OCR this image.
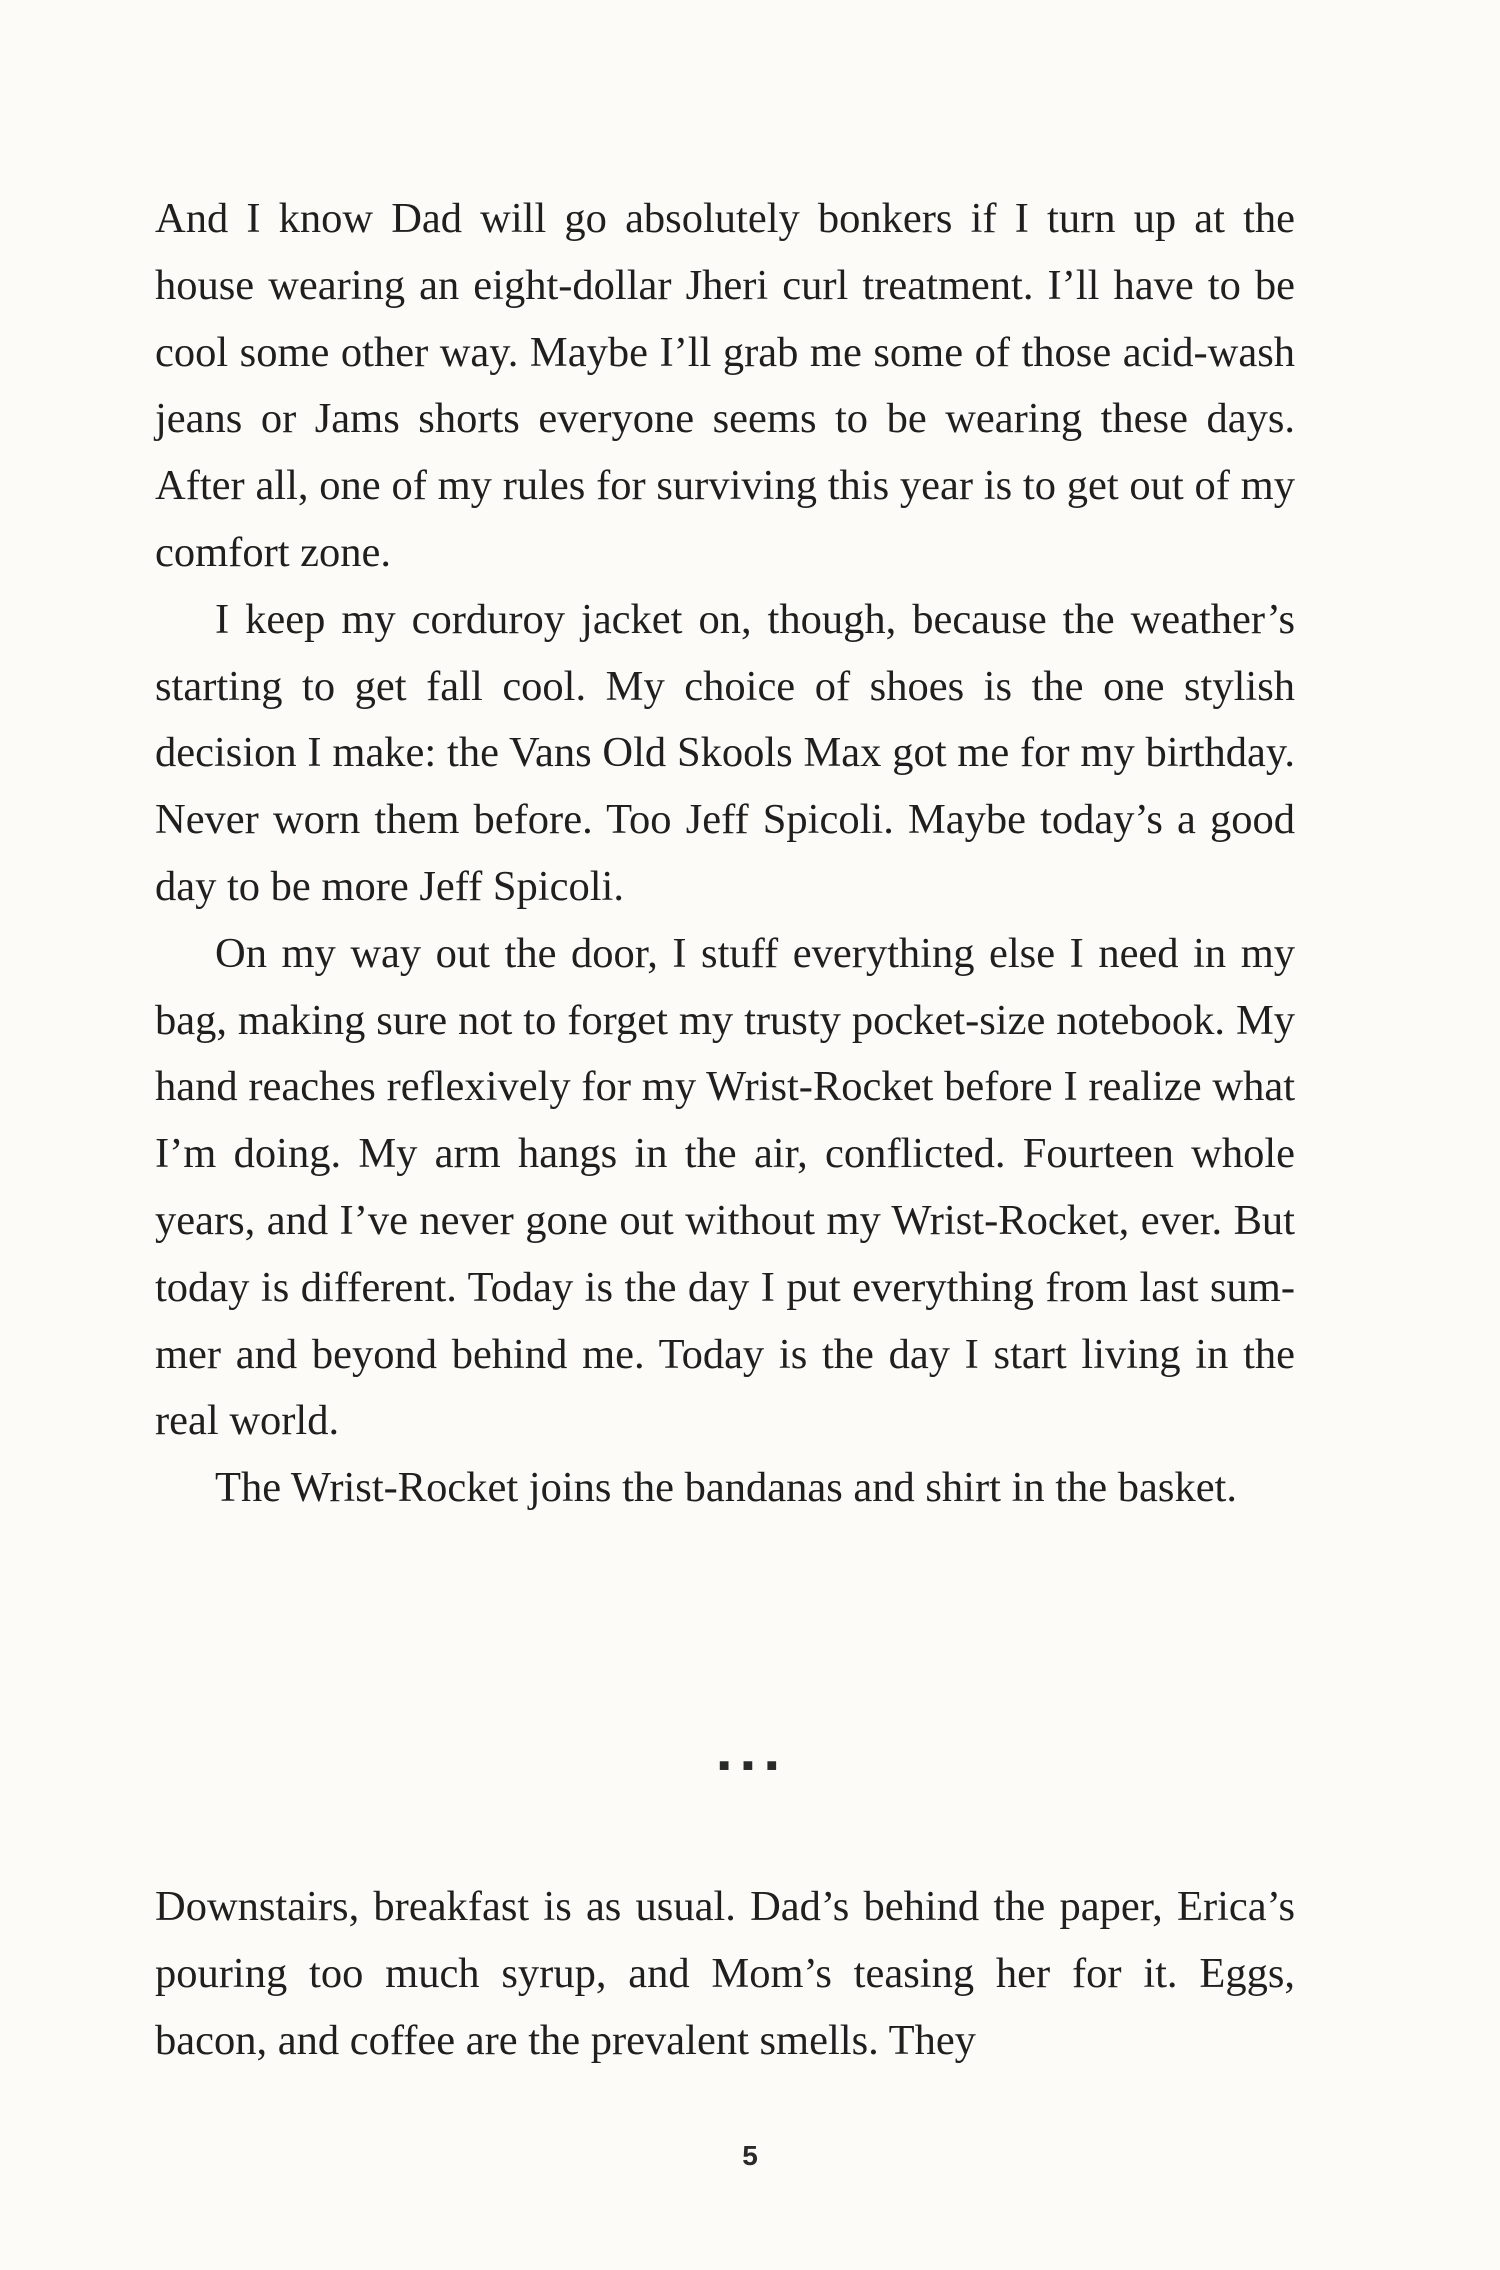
And I know Dad will go absolutely bonkers if I turn up at the house wearing an eight-dollar Jheri curl treatment. I’ll have to be cool some other way. Maybe I’ll grab me some of those acid-wash jeans or Jams shorts everyone seems to be wearing these days. After all, one of my rules for surviving this year is to get out of my comfort zone.

I keep my corduroy jacket on, though, because the weather’s starting to get fall cool. My choice of shoes is the one stylish decision I make: the Vans Old Skools Max got me for my birthday. Never worn them before. Too Jeff Spicoli. Maybe today’s a good day to be more Jeff Spicoli.

On my way out the door, I stuff everything else I need in my bag, making sure not to forget my trusty pocket-size notebook. My hand reaches reflexively for my Wrist-Rocket before I realize what I’m doing. My arm hangs in the air, conflicted. Fourteen whole years, and I’ve never gone out without my Wrist-Rocket, ever. But today is different. Today is the day I put everything from last summer and beyond behind me. Today is the day I start living in the real world.

The Wrist-Rocket joins the bandanas and shirt in the basket.

■ ■ ■

Downstairs, breakfast is as usual. Dad’s behind the paper, Erica’s pouring too much syrup, and Mom’s teasing her for it. Eggs, bacon, and coffee are the prevalent smells. They

5
